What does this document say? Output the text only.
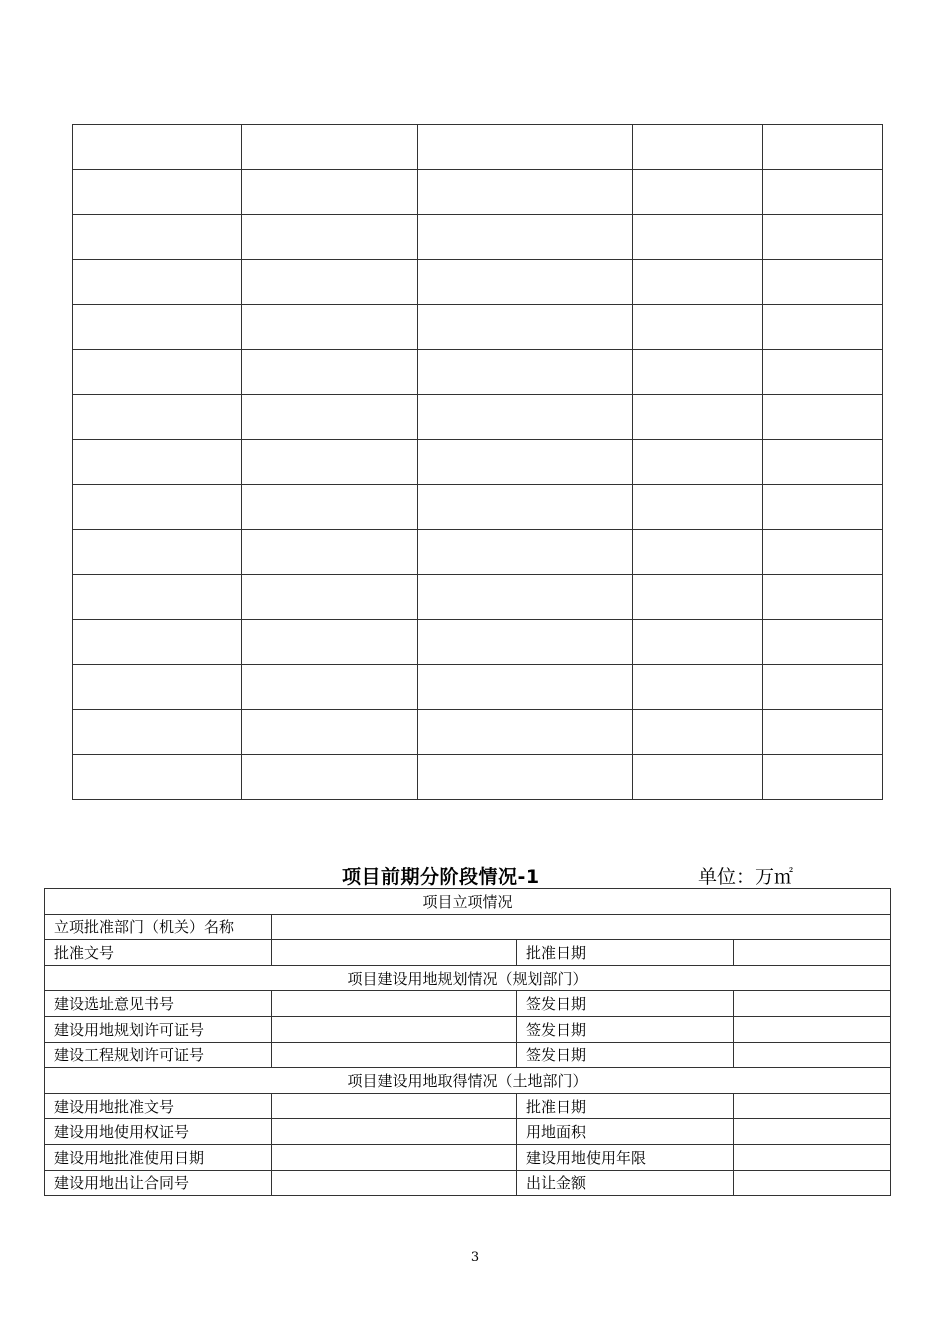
项目前期分阶段情况-1	单位：万㎡
项目立项情况			
立项批准部门（机关）名称			
批准文号		批准日期	
项目建设用地规划情况（规划部门）			
建设选址意见书号		签发日期	
建设用地规划许可证号		签发日期	
建设工程规划许可证号		签发日期	
项目建设用地取得情况（土地部门）			
建设用地批准文号		批准日期	
建设用地使用权证号		用地面积	
建设用地批准使用日期		建设用地使用年限	
建设用地出让合同号		出让金额	
3
